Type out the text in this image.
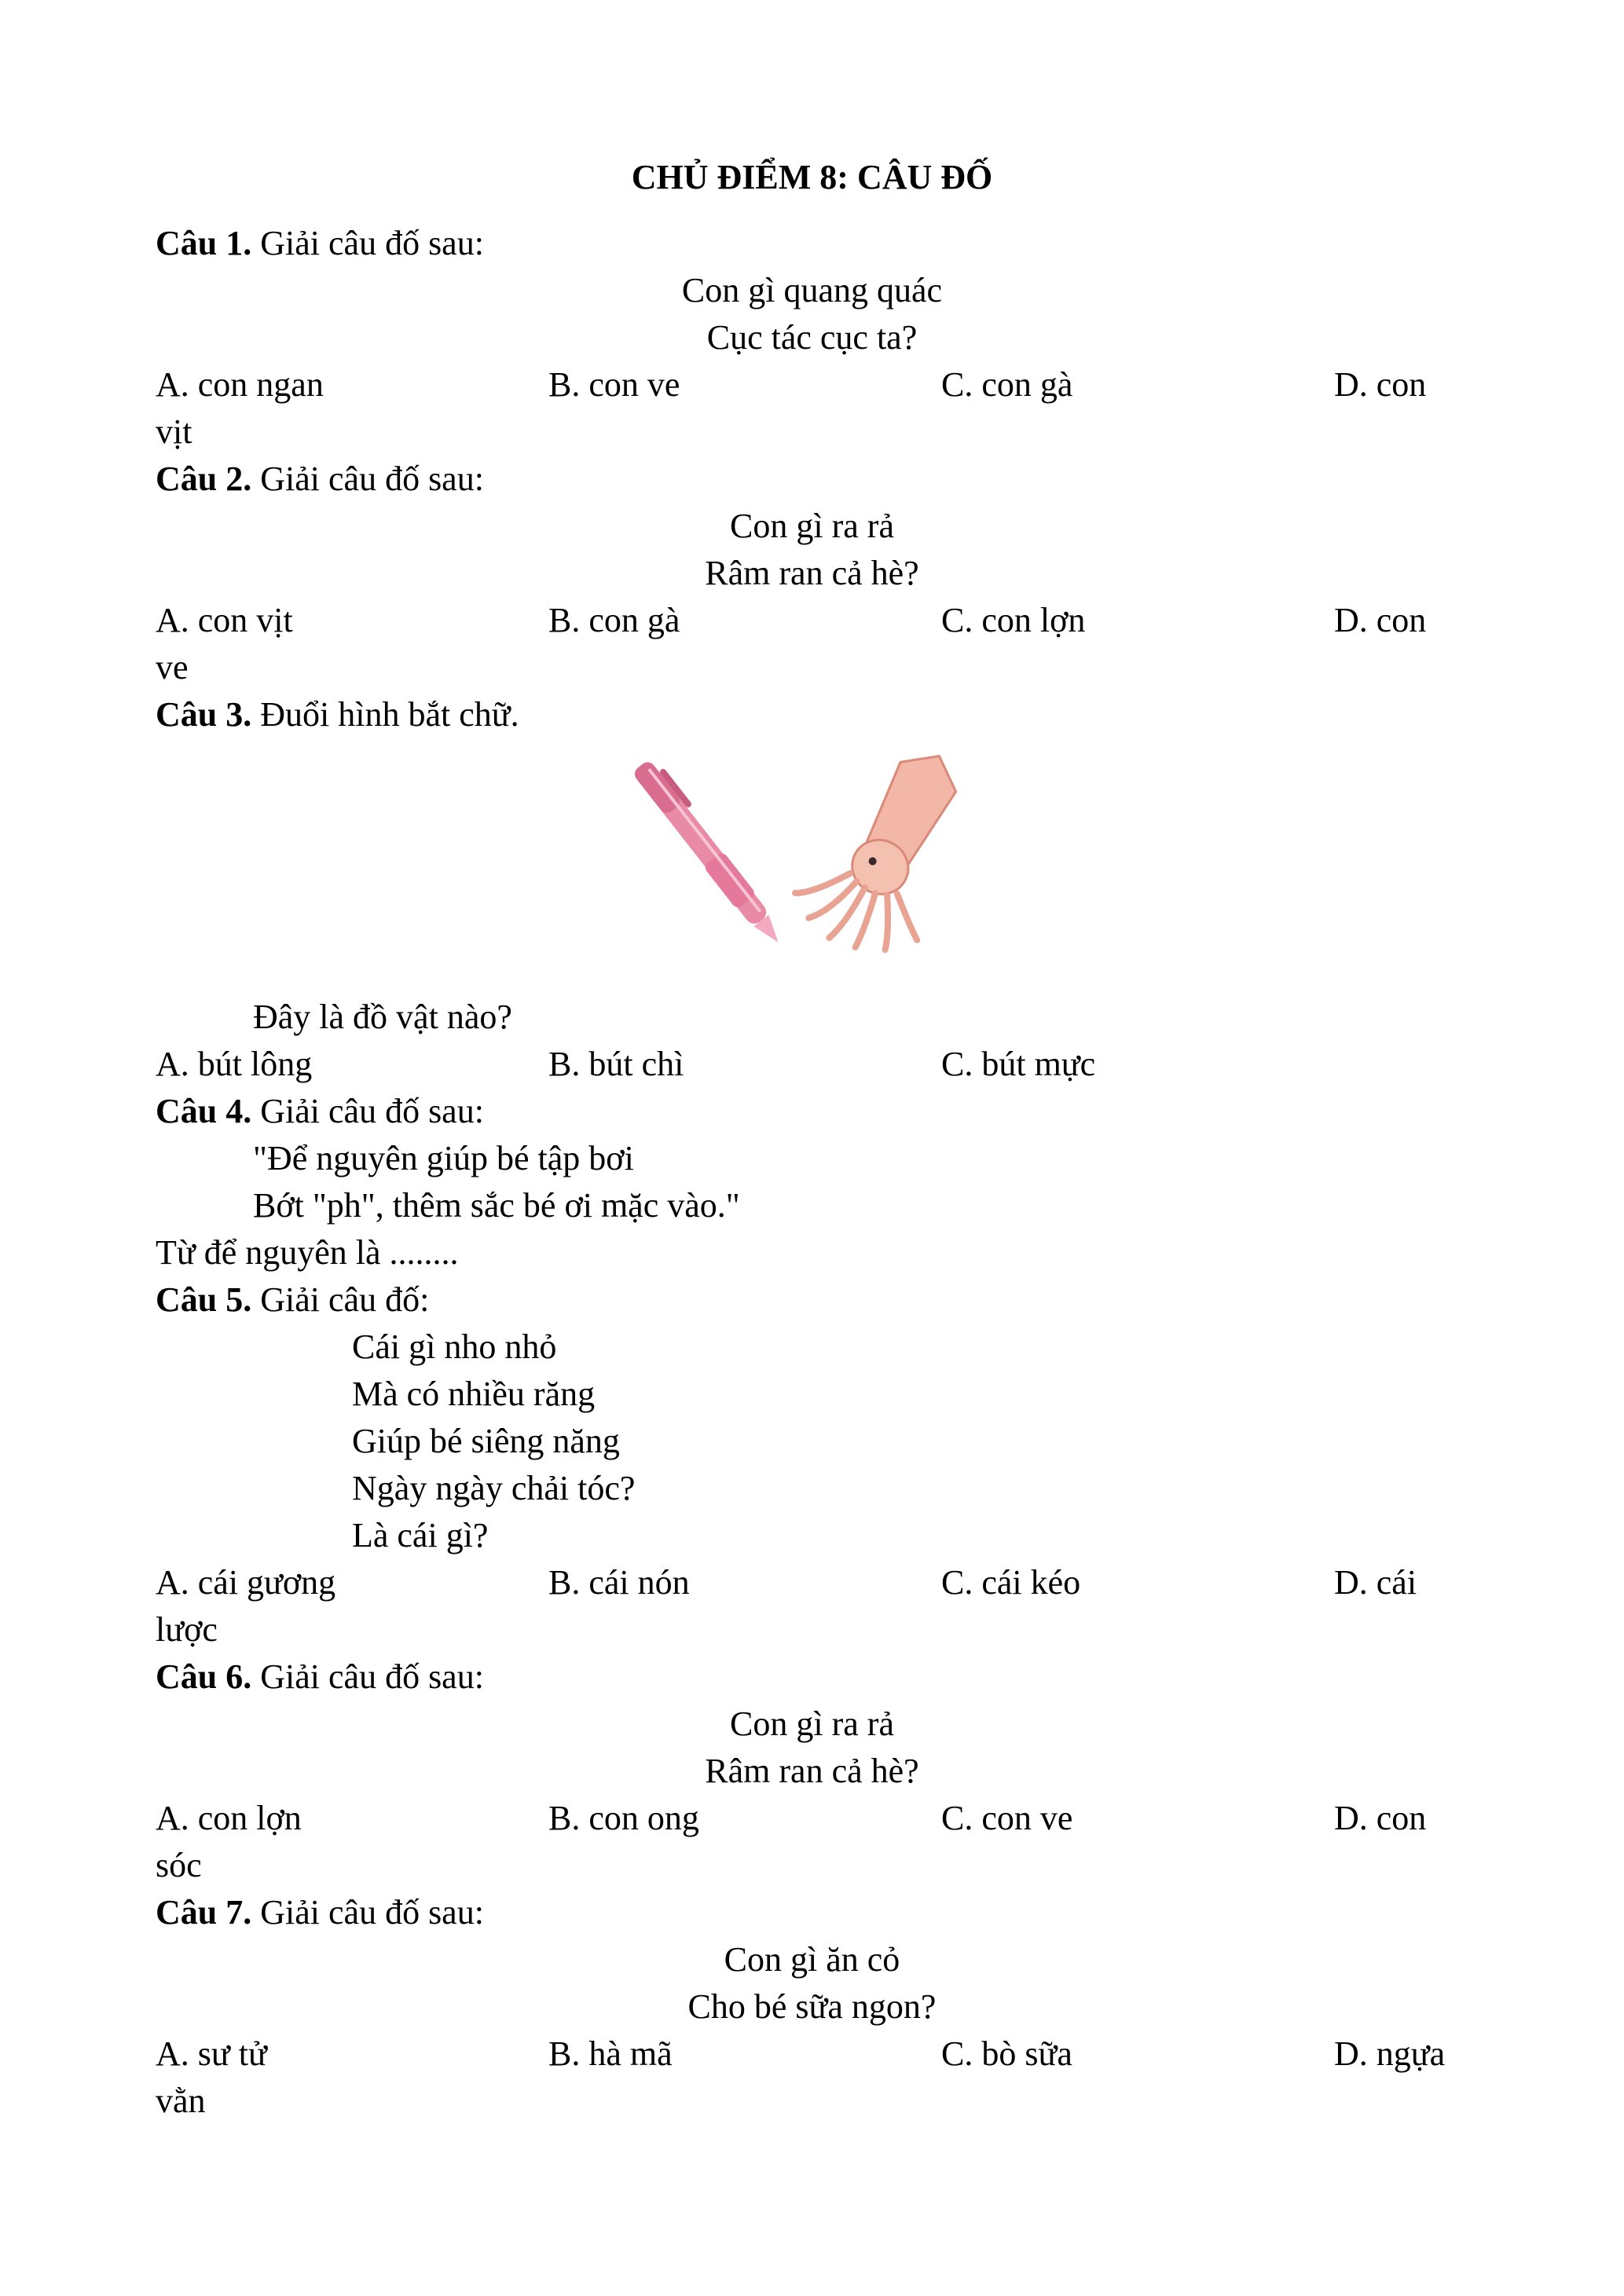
CHỦ ĐIỂM 8: CÂU ĐỐ
Câu 1. Giải câu đố sau:
Con gì quang quác
Cục tác cục ta?
A. con ngan	B. con ve	C. con gà	D. con
vịt
Câu 2. Giải câu đố sau:
Con gì ra rả
Râm ran cả hè?
A. con vịt	B. con gà	C. con lợn	D. con
ve
Câu 3. Đuổi hình bắt chữ.
Đây là đồ vật nào?
A. bút lông	B. bút chì	C. bút mực
Câu 4. Giải câu đố sau:
"Để nguyên giúp bé tập bơi
Bớt "ph", thêm sắc bé ơi mặc vào."
Từ để nguyên là ........
Câu 5. Giải câu đố:
Cái gì nho nhỏ
Mà có nhiều răng
Giúp bé siêng năng
Ngày ngày chải tóc?
Là cái gì?
A. cái gương	B. cái nón	C. cái kéo	D. cái
lược
Câu 6. Giải câu đố sau:
Con gì ra rả
Râm ran cả hè?
A. con lợn	B. con ong	C. con ve	D. con
sóc
Câu 7. Giải câu đố sau:
Con gì ăn cỏ
Cho bé sữa ngon?
A. sư tử	B. hà mã	C. bò sữa	D. ngựa
vằn
